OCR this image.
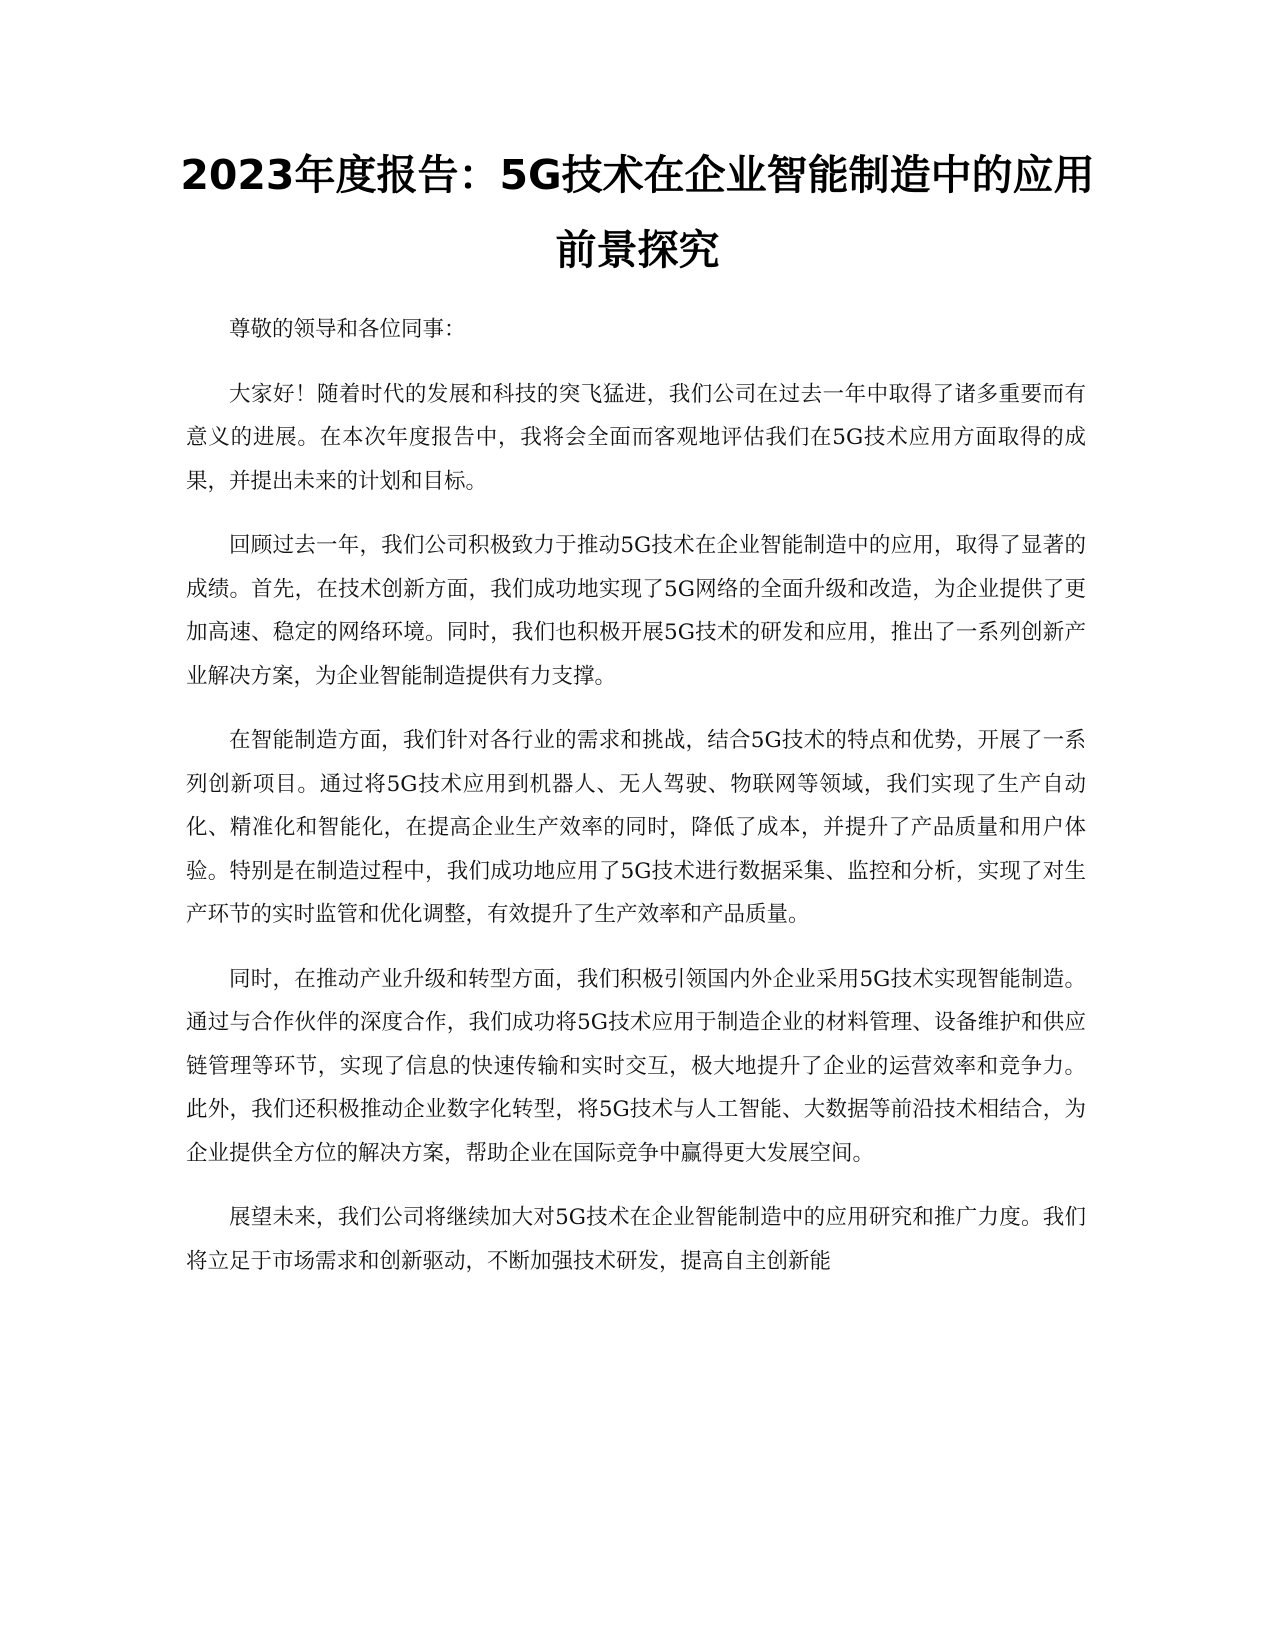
2023年度报告：5G技术在企业智能制造中的应用前景探究

尊敬的领导和各位同事：

大家好！随着时代的发展和科技的突飞猛进，我们公司在过去一年中取得了诸多重要而有意义的进展。在本次年度报告中，我将会全面而客观地评估我们在5G技术应用方面取得的成果，并提出未来的计划和目标。

回顾过去一年，我们公司积极致力于推动5G技术在企业智能制造中的应用，取得了显著的成绩。首先，在技术创新方面，我们成功地实现了5G网络的全面升级和改造，为企业提供了更加高速、稳定的网络环境。同时，我们也积极开展5G技术的研发和应用，推出了一系列创新产业解决方案，为企业智能制造提供有力支撑。

在智能制造方面，我们针对各行业的需求和挑战，结合5G技术的特点和优势，开展了一系列创新项目。通过将5G技术应用到机器人、无人驾驶、物联网等领域，我们实现了生产自动化、精准化和智能化，在提高企业生产效率的同时，降低了成本，并提升了产品质量和用户体验。特别是在制造过程中，我们成功地应用了5G技术进行数据采集、监控和分析，实现了对生产环节的实时监管和优化调整，有效提升了生产效率和产品质量。

同时，在推动产业升级和转型方面，我们积极引领国内外企业采用5G技术实现智能制造。通过与合作伙伴的深度合作，我们成功将5G技术应用于制造企业的材料管理、设备维护和供应链管理等环节，实现了信息的快速传输和实时交互，极大地提升了企业的运营效率和竞争力。此外，我们还积极推动企业数字化转型，将5G技术与人工智能、大数据等前沿技术相结合，为企业提供全方位的解决方案，帮助企业在国际竞争中赢得更大发展空间。

展望未来，我们公司将继续加大对5G技术在企业智能制造中的应用研究和推广力度。我们将立足于市场需求和创新驱动，不断加强技术研发，提高自主创新能
